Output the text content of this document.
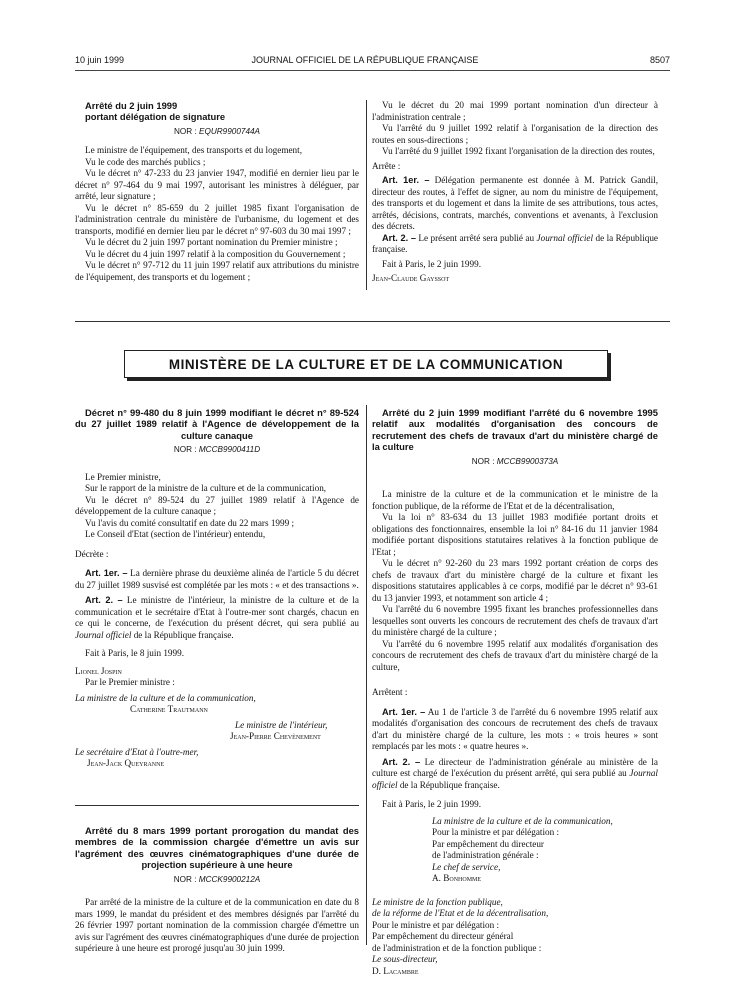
10 juin 1999	JOURNAL OFFICIEL DE LA RÉPUBLIQUE FRANÇAISE	8507

Arrêté du 2 juin 1999

portant délégation de signature

NOR : EQUR9900744A

Le ministre de l'équipement, des transports et du logement,

Vu le code des marchés publics ;

Vu le décret n° 47-233 du 23 janvier 1947, modifié en dernier lieu par le décret n° 97-464 du 9 mai 1997, autorisant les ministres à déléguer, par arrêté, leur signature ;

Vu le décret n° 85-659 du 2 juillet 1985 fixant l'organisation de l'administration centrale du ministère de l'urbanisme, du logement et des transports, modifié en dernier lieu par le décret n° 97-603 du 30 mai 1997 ;

Vu le décret du 2 juin 1997 portant nomination du Premier ministre ;

Vu le décret du 4 juin 1997 relatif à la composition du Gouvernement ;

Vu le décret n° 97-712 du 11 juin 1997 relatif aux attributions du ministre de l'équipement, des transports et du logement ;

Vu le décret du 20 mai 1999 portant nomination d'un directeur à l'administration centrale ;

Vu l'arrêté du 9 juillet 1992 relatif à l'organisation de la direction des routes en sous-directions ;

Vu l'arrêté du 9 juillet 1992 fixant l'organisation de la direction des routes,

Arrête :

Art. 1er. – Délégation permanente est donnée à M. Patrick Gandil, directeur des routes, à l'effet de signer, au nom du ministre de l'équipement, des transports et du logement et dans la limite de ses attributions, tous actes, arrêtés, décisions, contrats, marchés, conventions et avenants, à l'exclusion des décrets.

Art. 2. – Le présent arrêté sera publié au Journal officiel de la République française.

Fait à Paris, le 2 juin 1999.

Jean-Claude Gayssot

MINISTÈRE DE LA CULTURE ET DE LA COMMUNICATION

Décret n° 99-480 du 8 juin 1999 modifiant le décret n° 89-524 du 27 juillet 1989 relatif à l'Agence de développement de la culture canaque

NOR : MCCB9900411D

Le Premier ministre,

Sur le rapport de la ministre de la culture et de la communication,

Vu le décret n° 89-524 du 27 juillet 1989 relatif à l'Agence de développement de la culture canaque ;

Vu l'avis du comité consultatif en date du 22 mars 1999 ;

Le Conseil d'Etat (section de l'intérieur) entendu,

Décrète :

Art. 1er. – La dernière phrase du deuxième alinéa de l'article 5 du décret du 27 juillet 1989 susvisé est complétée par les mots : « et des transactions ».

Art. 2. – Le ministre de l'intérieur, la ministre de la culture et de la communication et le secrétaire d'Etat à l'outre-mer sont chargés, chacun en ce qui le concerne, de l'exécution du présent décret, qui sera publié au Journal officiel de la République française.

Fait à Paris, le 8 juin 1999.

Lionel Jospin

Par le Premier ministre :

La ministre de la culture et de la communication,

Catherine Trautmann

Le ministre de l'intérieur,

Jean-Pierre Chevènement

Le secrétaire d'Etat à l'outre-mer,

Jean-Jack Queyranne

Arrêté du 8 mars 1999 portant prorogation du mandat des membres de la commission chargée d'émettre un avis sur l'agrément des œuvres cinématographiques d'une durée de projection supérieure à une heure

NOR : MCCK9900212A

Par arrêté de la ministre de la culture et de la communication en date du 8 mars 1999, le mandat du président et des membres désignés par l'arrêté du 26 février 1997 portant nomination de la commission chargée d'émettre un avis sur l'agrément des œuvres cinématographiques d'une durée de projection supérieure à une heure est prorogé jusqu'au 30 juin 1999.

Arrêté du 2 juin 1999 modifiant l'arrêté du 6 novembre 1995 relatif aux modalités d'organisation des concours de recrutement des chefs de travaux d'art du ministère chargé de la culture

NOR : MCCB9900373A

La ministre de la culture et de la communication et le ministre de la fonction publique, de la réforme de l'Etat et de la décentralisation,

Vu la loi n° 83-634 du 13 juillet 1983 modifiée portant droits et obligations des fonctionnaires, ensemble la loi n° 84-16 du 11 janvier 1984 modifiée portant dispositions statutaires relatives à la fonction publique de l'Etat ;

Vu le décret n° 92-260 du 23 mars 1992 portant création de corps des chefs de travaux d'art du ministère chargé de la culture et fixant les dispositions statutaires applicables à ce corps, modifié par le décret n° 93-61 du 13 janvier 1993, et notamment son article 4 ;

Vu l'arrêté du 6 novembre 1995 fixant les branches professionnelles dans lesquelles sont ouverts les concours de recrutement des chefs de travaux d'art du ministère chargé de la culture ;

Vu l'arrêté du 6 novembre 1995 relatif aux modalités d'organisation des concours de recrutement des chefs de travaux d'art du ministère chargé de la culture,

Arrêtent :

Art. 1er. – Au 1 de l'article 3 de l'arrêté du 6 novembre 1995 relatif aux modalités d'organisation des concours de recrutement des chefs de travaux d'art du ministère chargé de la culture, les mots : « trois heures » sont remplacés par les mots : « quatre heures ».

Art. 2. – Le directeur de l'administration générale au ministère de la culture est chargé de l'exécution du présent arrêté, qui sera publié au Journal officiel de la République française.

Fait à Paris, le 2 juin 1999.

La ministre de la culture et de la communication,

Pour la ministre et par délégation :

Par empêchement du directeur

de l'administration générale :

Le chef de service,

A. Bonhomme

Le ministre de la fonction publique,

de la réforme de l'Etat et de la décentralisation,

Pour le ministre et par délégation :

Par empêchement du directeur général

de l'administration et de la fonction publique :

Le sous-directeur,

D. Lacambre
